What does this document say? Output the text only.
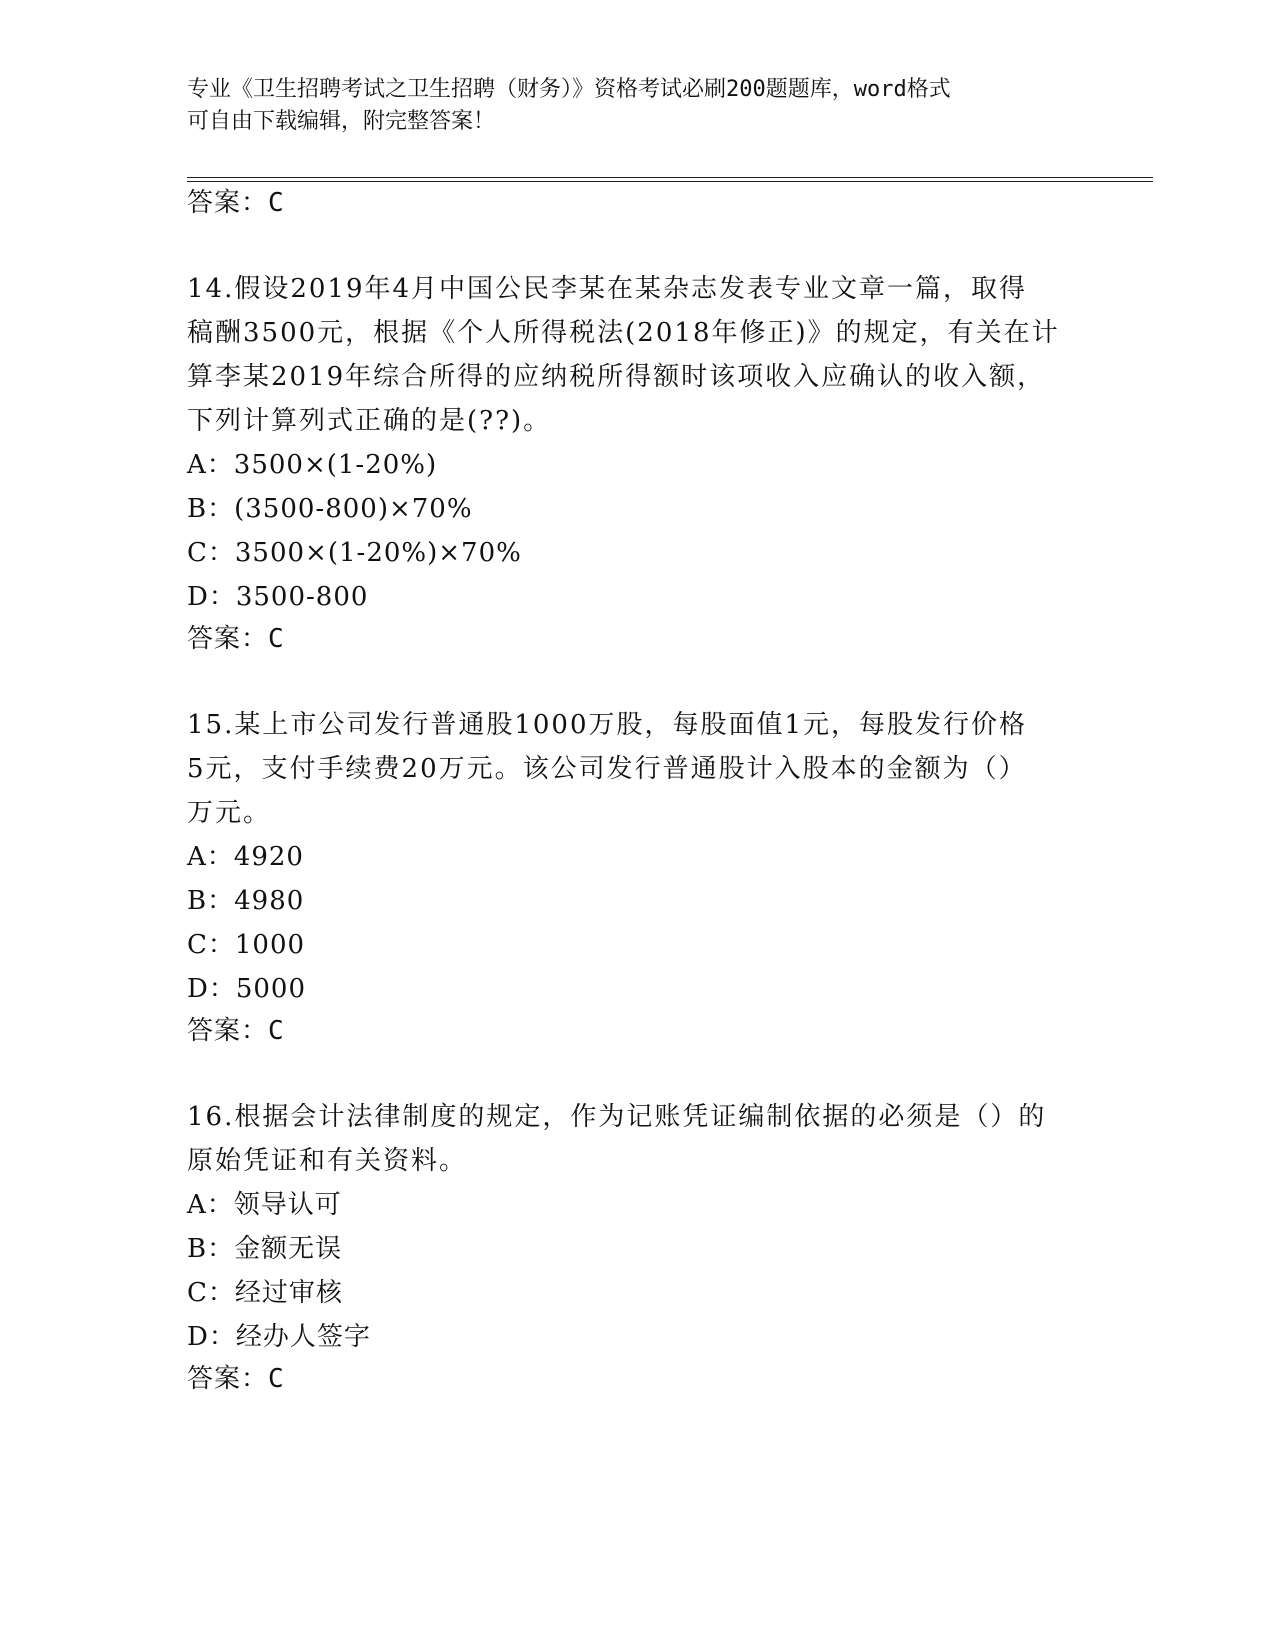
专业《卫生招聘考试之卫生招聘（财务）》资格考试必刷200题题库，word格式
可自由下载编辑，附完整答案！
答案：C
14.假设2019年4月中国公民李某在某杂志发表专业文章一篇，取得
稿酬3500元，根据《个人所得税法(2018年修正)》的规定，有关在计
算李某2019年综合所得的应纳税所得额时该项收入应确认的收入额，
下列计算列式正确的是(??)。
A：3500×(1-20%)
B：(3500-800)×70%
C：3500×(1-20%)×70%
D：3500-800
答案：C
15.某上市公司发行普通股1000万股，每股面值1元，每股发行价格
5元，支付手续费20万元。该公司发行普通股计入股本的金额为（）
万元。
A：4920
B：4980
C：1000
D：5000
答案：C
16.根据会计法律制度的规定，作为记账凭证编制依据的必须是（）的
原始凭证和有关资料。
A：领导认可
B：金额无误
C：经过审核
D：经办人签字
答案：C
